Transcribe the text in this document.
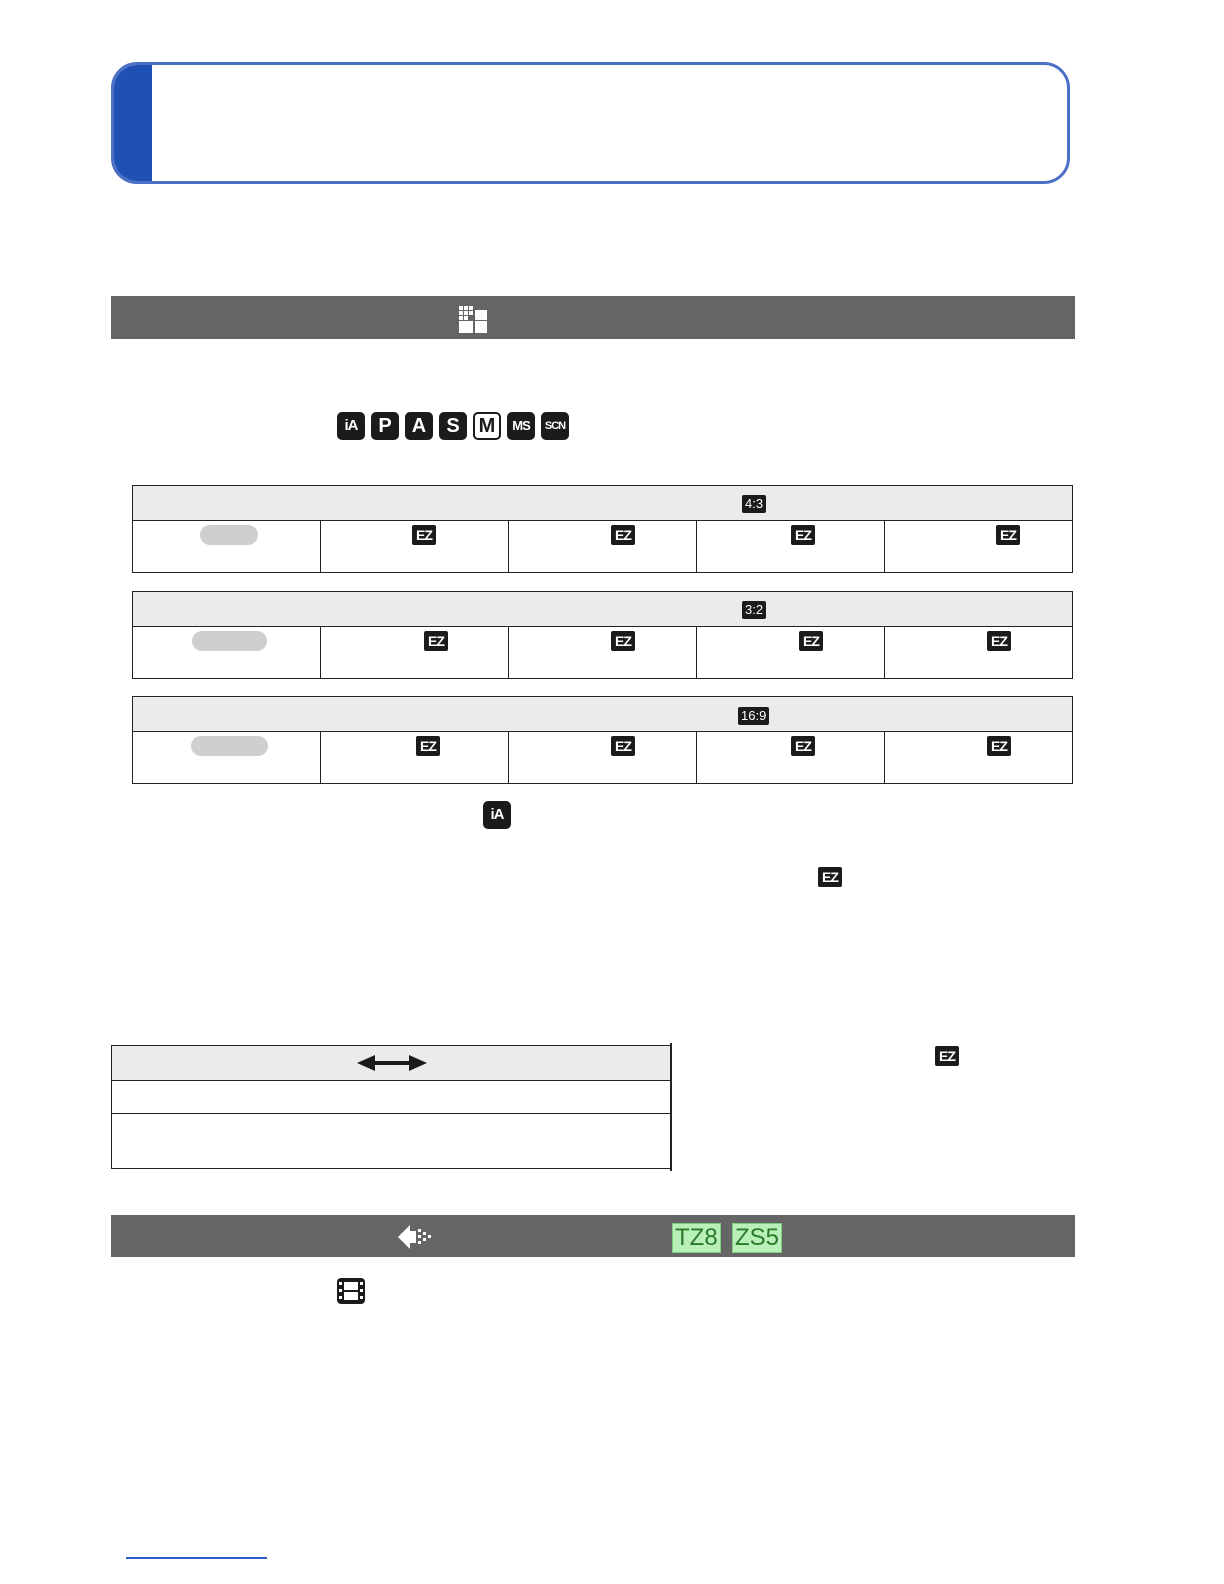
iA	P	A	S M	MS	SCN
4:3
EZ	EZ	EZ	EZ
3:2
EZ	EZ	EZ	EZ
16:9
EZ	EZ	EZ	EZ
iA
EZ
EZ
TZ8 ZS5
